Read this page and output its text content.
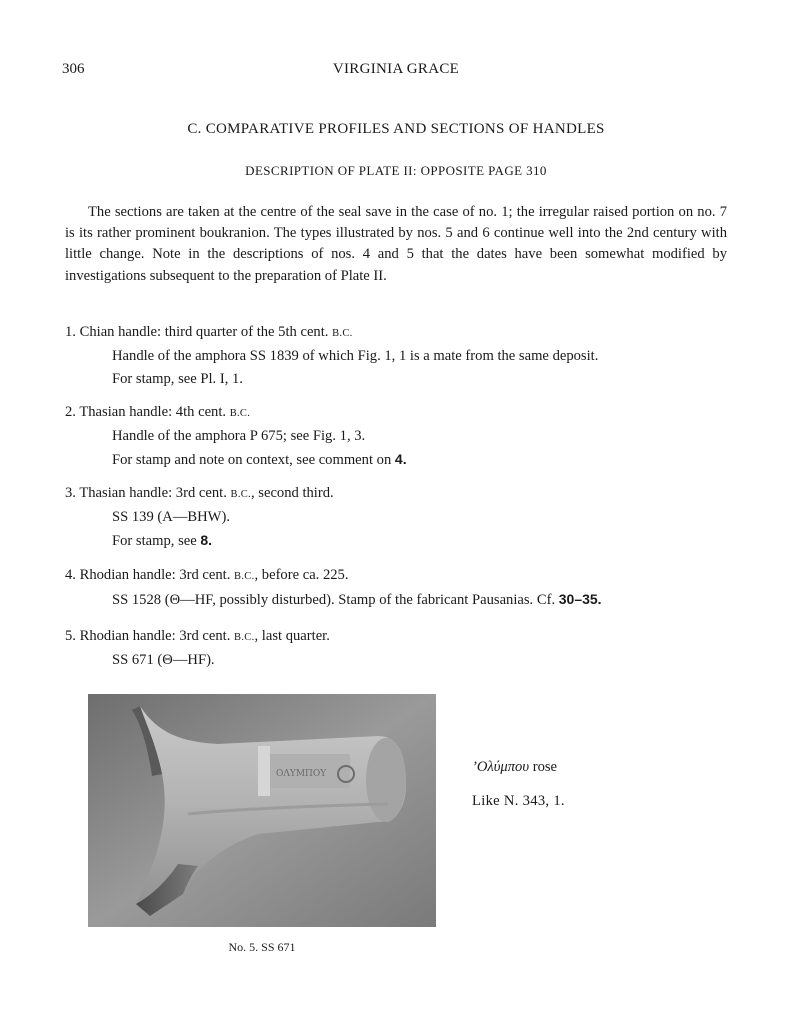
306	VIRGINIA GRACE
C. COMPARATIVE PROFILES AND SECTIONS OF HANDLES
DESCRIPTION OF PLATE II: OPPOSITE PAGE 310

The sections are taken at the centre of the seal save in the case of no. 1; the irregular raised portion on no. 7 is its rather prominent boukranion. The types illustrated by nos. 5 and 6 continue well into the 2nd century with little change. Note in the descriptions of nos. 4 and 5 that the dates have been somewhat modified by investigations subsequent to the preparation of Plate II.

1. Chian handle: third quarter of the 5th cent. B.C.
Handle of the amphora SS 1839 of which Fig. 1, 1 is a mate from the same deposit.
For stamp, see Pl. I, 1.
2. Thasian handle: 4th cent. B.C.
Handle of the amphora P 675; see Fig. 1, 3.
For stamp and note on context, see comment on 4.
3. Thasian handle: 3rd cent. B.C., second third.
SS 139 (A—BHW).
For stamp, see 8.
4. Rhodian handle: 3rd cent. B.C., before ca. 225.
SS 1528 (Θ—HF, possibly disturbed). Stamp of the fabricant Pausanias. Cf. 30–35.
5. Rhodian handle: 3rd cent. B.C., last quarter.
SS 671 (Θ—HF).
ΟΛΥΜΠΟΥ	’Ολύμπου rose
Like N. 343, 1.
No. 5. SS 671
